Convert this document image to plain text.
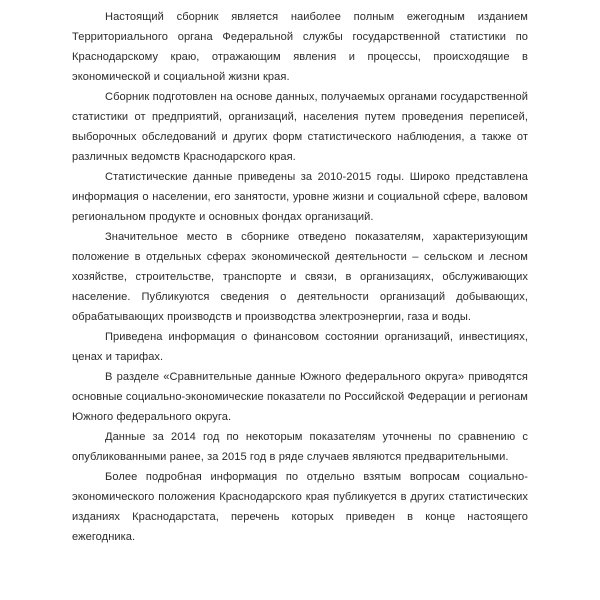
Настоящий сборник является наиболее полным ежегодным изданием Территориального органа Федеральной службы государственной статистики по Краснодарскому краю, отражающим явления и процессы, происходящие в экономической и социальной жизни края.

Сборник подготовлен на основе данных, получаемых органами государственной статистики от предприятий, организаций, населения путем проведения переписей, выборочных обследований и других форм статистического наблюдения, а также от различных ведомств Краснодарского края.

Статистические данные приведены за 2010-2015 годы. Широко представлена информация о населении, его занятости, уровне жизни и социальной сфере, валовом региональном продукте и основных фондах организаций.

Значительное место в сборнике отведено показателям, характеризующим положение в отдельных сферах экономической деятельности – сельском и лесном хозяйстве, строительстве, транспорте и связи, в организациях, обслуживающих население. Публикуются сведения о деятельности организаций добывающих, обрабатывающих производств и производства электроэнергии, газа и воды.

Приведена информация о финансовом состоянии организаций, инвестициях, ценах и тарифах.

В разделе «Сравнительные данные Южного федерального округа» приводятся основные социально-экономические показатели по Российской Федерации и регионам Южного федерального округа.

Данные за 2014 год по некоторым показателям уточнены по сравнению с опубликованными ранее, за 2015 год в ряде случаев являются предварительными.

Более подробная информация по отдельно взятым вопросам социально-экономического положения Краснодарского края публикуется в других статистических изданиях Краснодарстата, перечень которых приведен в конце настоящего ежегодника.
